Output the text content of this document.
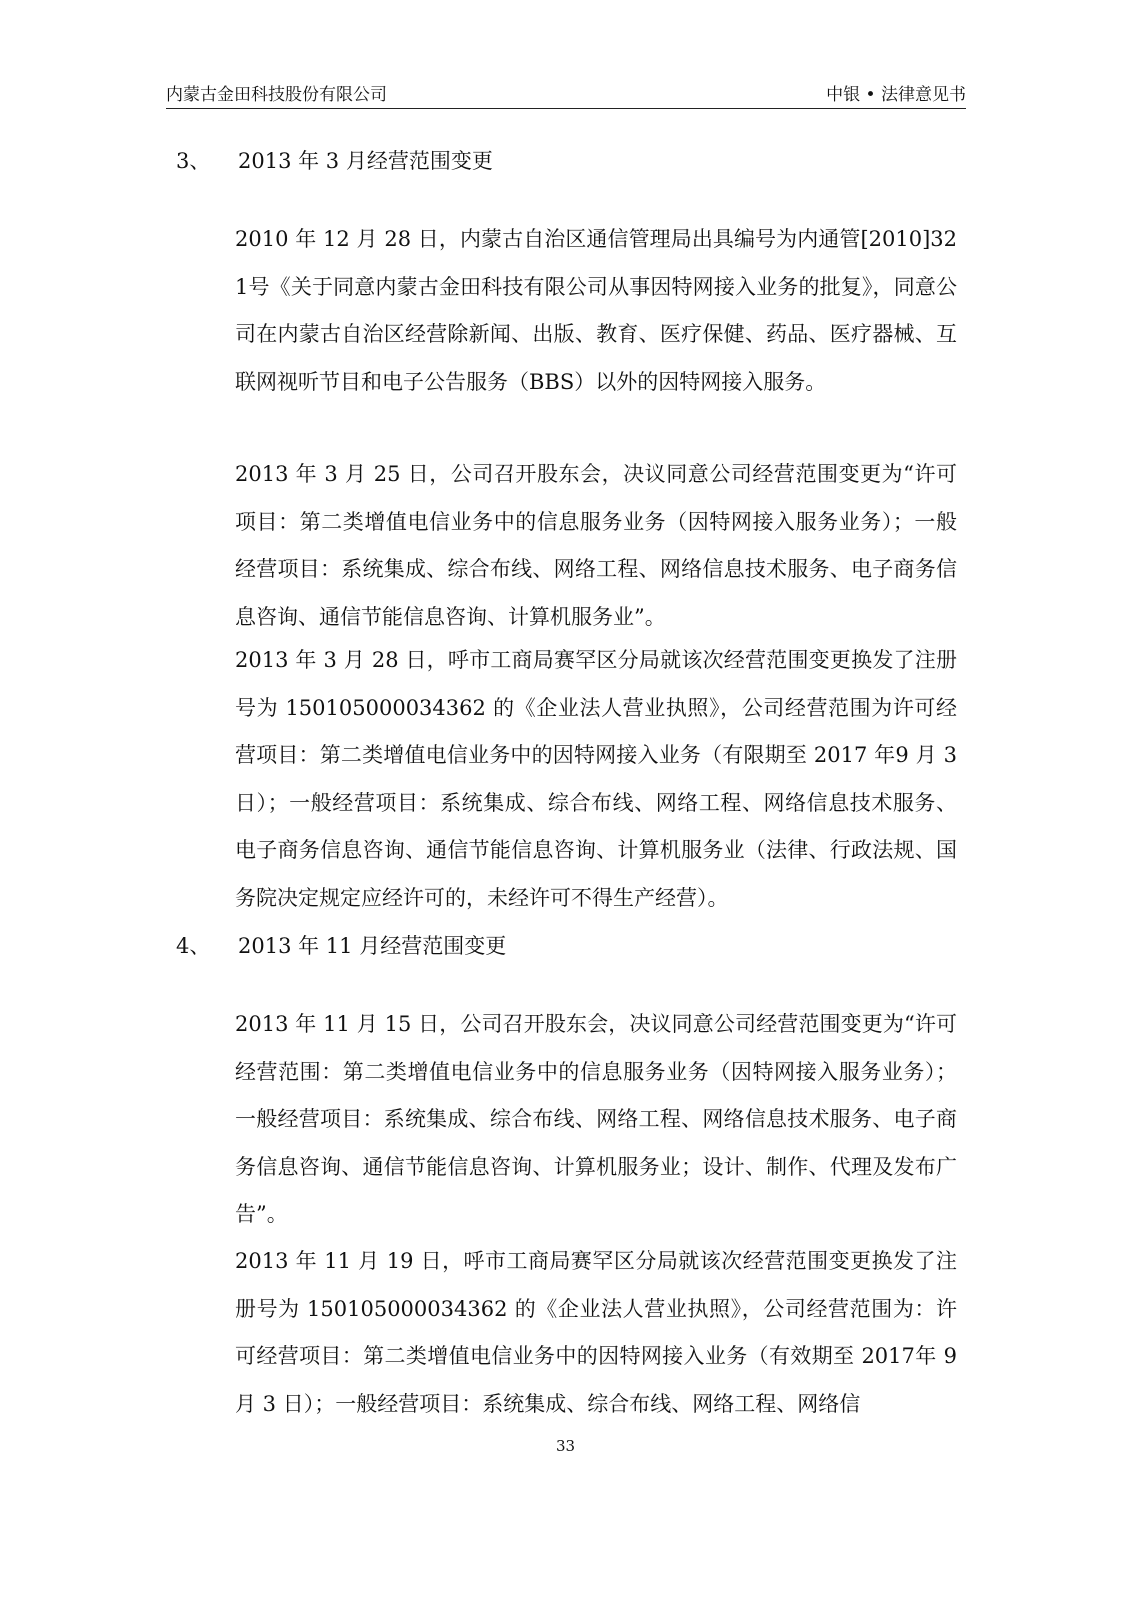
内蒙古金田科技股份有限公司	中银 • 法律意见书
3、 2013 年 3 月经营范围变更
2010 年 12 月 28 日，内蒙古自治区通信管理局出具编号为内通管[2010]321号《关于同意内蒙古金田科技有限公司从事因特网接入业务的批复》，同意公司在内蒙古自治区经营除新闻、出版、教育、医疗保健、药品、医疗器械、互联网视听节目和电子公告服务（BBS）以外的因特网接入服务。
2013 年 3 月 25 日，公司召开股东会，决议同意公司经营范围变更为“许可项目：第二类增值电信业务中的信息服务业务（因特网接入服务业务）；一般经营项目：系统集成、综合布线、网络工程、网络信息技术服务、电子商务信息咨询、通信节能信息咨询、计算机服务业”。
2013 年 3 月 28 日，呼市工商局赛罕区分局就该次经营范围变更换发了注册号为 150105000034362 的《企业法人营业执照》，公司经营范围为许可经营项目：第二类增值电信业务中的因特网接入业务（有限期至 2017 年9 月 3 日）；一般经营项目：系统集成、综合布线、网络工程、网络信息技术服务、电子商务信息咨询、通信节能信息咨询、计算机服务业（法律、行政法规、国务院决定规定应经许可的，未经许可不得生产经营）。
4、 2013 年 11 月经营范围变更
2013 年 11 月 15 日，公司召开股东会，决议同意公司经营范围变更为“许可经营范围：第二类增值电信业务中的信息服务业务（因特网接入服务业务）；一般经营项目：系统集成、综合布线、网络工程、网络信息技术服务、电子商务信息咨询、通信节能信息咨询、计算机服务业；设计、制作、代理及发布广告”。
2013 年 11 月 19 日，呼市工商局赛罕区分局就该次经营范围变更换发了注册号为 150105000034362 的《企业法人营业执照》，公司经营范围为：许可经营项目：第二类增值电信业务中的因特网接入业务（有效期至 2017年 9 月 3 日）；一般经营项目：系统集成、综合布线、网络工程、网络信
33
